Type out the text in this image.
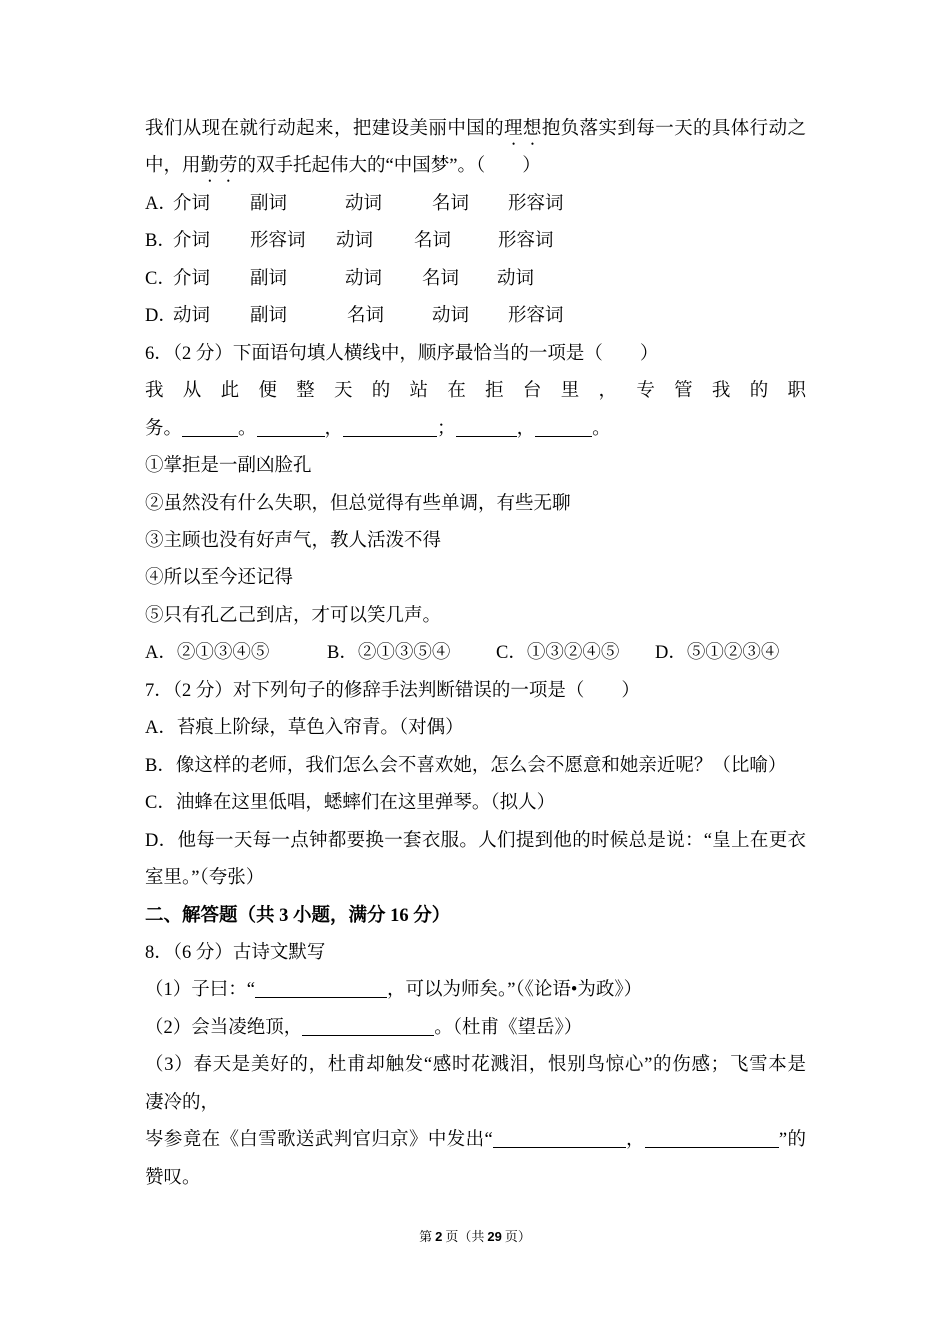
我们从现在就行动起来，把建设美丽中国的理想抱负落实到每一天的具体行动之
中，用勤劳的双手托起伟大的“中国梦”。（　　）
A．
介词 副词	动词	名词 形容词
B．
介词 形容词 动词 名词	形容词
C．
介词 副词	动词 名词 动词
D．
动词 副词	名词	动词 形容词
6．（2 分）下面语句填人横线中，顺序最恰当的一项是（　　）
我从此便整天的站在拒台里，专管我的职
务。	。	，	；	，	。
①掌拒是一副凶脸孔
②虽然没有什么失职，但总觉得有些单调，有些无聊
③主顾也没有好声气，教人活泼不得
④所以至今还记得
⑤只有孔乙己到店，才可以笑几声。
A．②①③④⑤	B．②①③⑤④ C．①③②④⑤ D．⑤①②③④
7．（2 分）对下列句子的修辞手法判断错误的一项是（　　）
A．苔痕上阶绿，草色入帘青。（对偶）
B．像这样的老师，我们怎么会不喜欢她，怎么会不愿意和她亲近呢？（比喻）
C．油蜂在这里低唱，蟋蟀们在这里弹琴。（拟人）
D．他每一天每一点钟都要换一套衣服。人们提到他的时候总是说：“皇上在更衣
室里。”（夸张）
二、解答题（共 3 小题，满分 16 分）
8．（6 分）古诗文默写
（1）子曰：“	，可以为师矣。”（《论语•为政》）
（2）会当凌绝顶，	。（杜甫《望岳》）
（3）春天是美好的，杜甫却触发“感时花溅泪，恨别鸟惊心”的伤感；飞雪本是
凄冷的，
岑参竟在《白雪歌送武判官归京》中发出“	，	”的
赞叹。
第 2 页（共 29 页）
